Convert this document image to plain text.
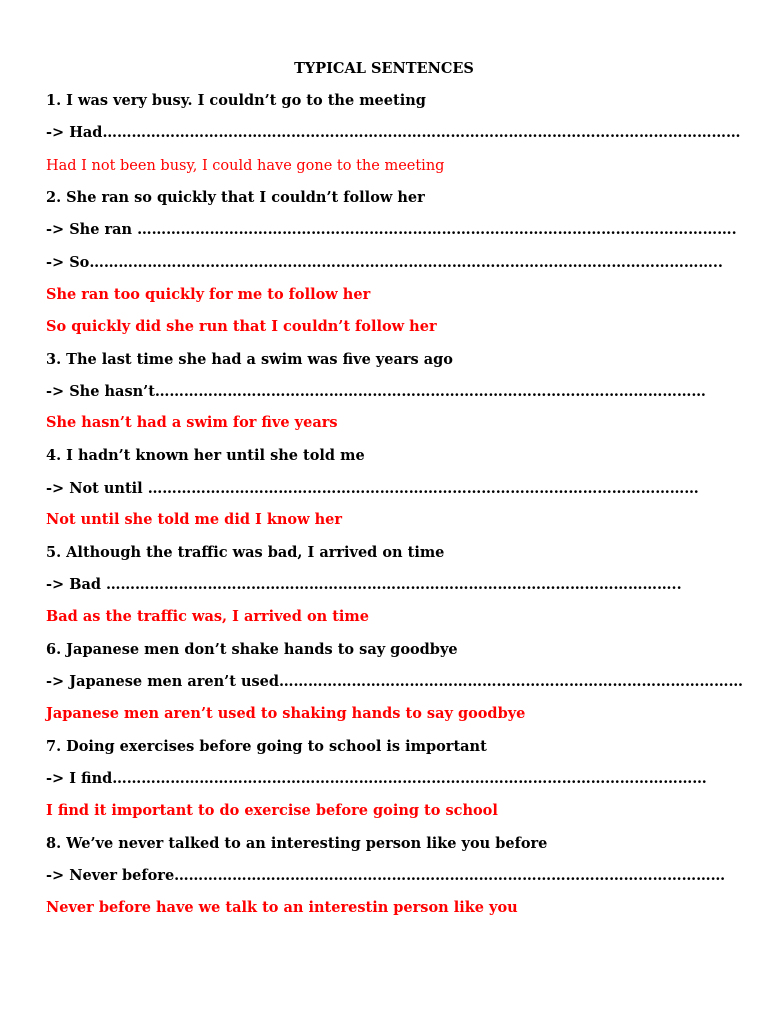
TYPICAL SENTENCES
1. I was very busy. I couldn’t go to the meeting
-> Had……………………………………………………………………………………………………………………
Had I not been busy, I could have gone to the meeting
2. She ran so quickly that I couldn’t follow her
-> She ran …………………………………………………………………………………………………………….
-> So…………………………………………………………………………………………………………………..
She ran too quickly for me to follow her
So quickly did she run that I couldn’t follow her
3. The last time she had a swim was five years ago
-> She hasn’t……………………………………………………………………………………………………
She hasn’t had a swim for five years
4. I hadn’t known her until she told me
-> Not until ……………………………………………………………………………………………………
Not until she told me did I know her
5. Although the traffic was bad, I arrived on time
-> Bad ………………………………………………………………………………………………………..
Bad as the traffic was, I arrived on time
6. Japanese men don’t shake hands to say goodbye
-> Japanese men aren’t used……………………………………………………………………………………
Japanese men aren’t used to shaking hands to say goodbye
7. Doing exercises before going to school is important
-> I find……………………………………………………………………………………………………………
I find it important to do exercise before going to school
8. We’ve never talked to an interesting person like you before
-> Never before……………………………………………………………………………………………………
Never before have we talk to an interestin person like you
